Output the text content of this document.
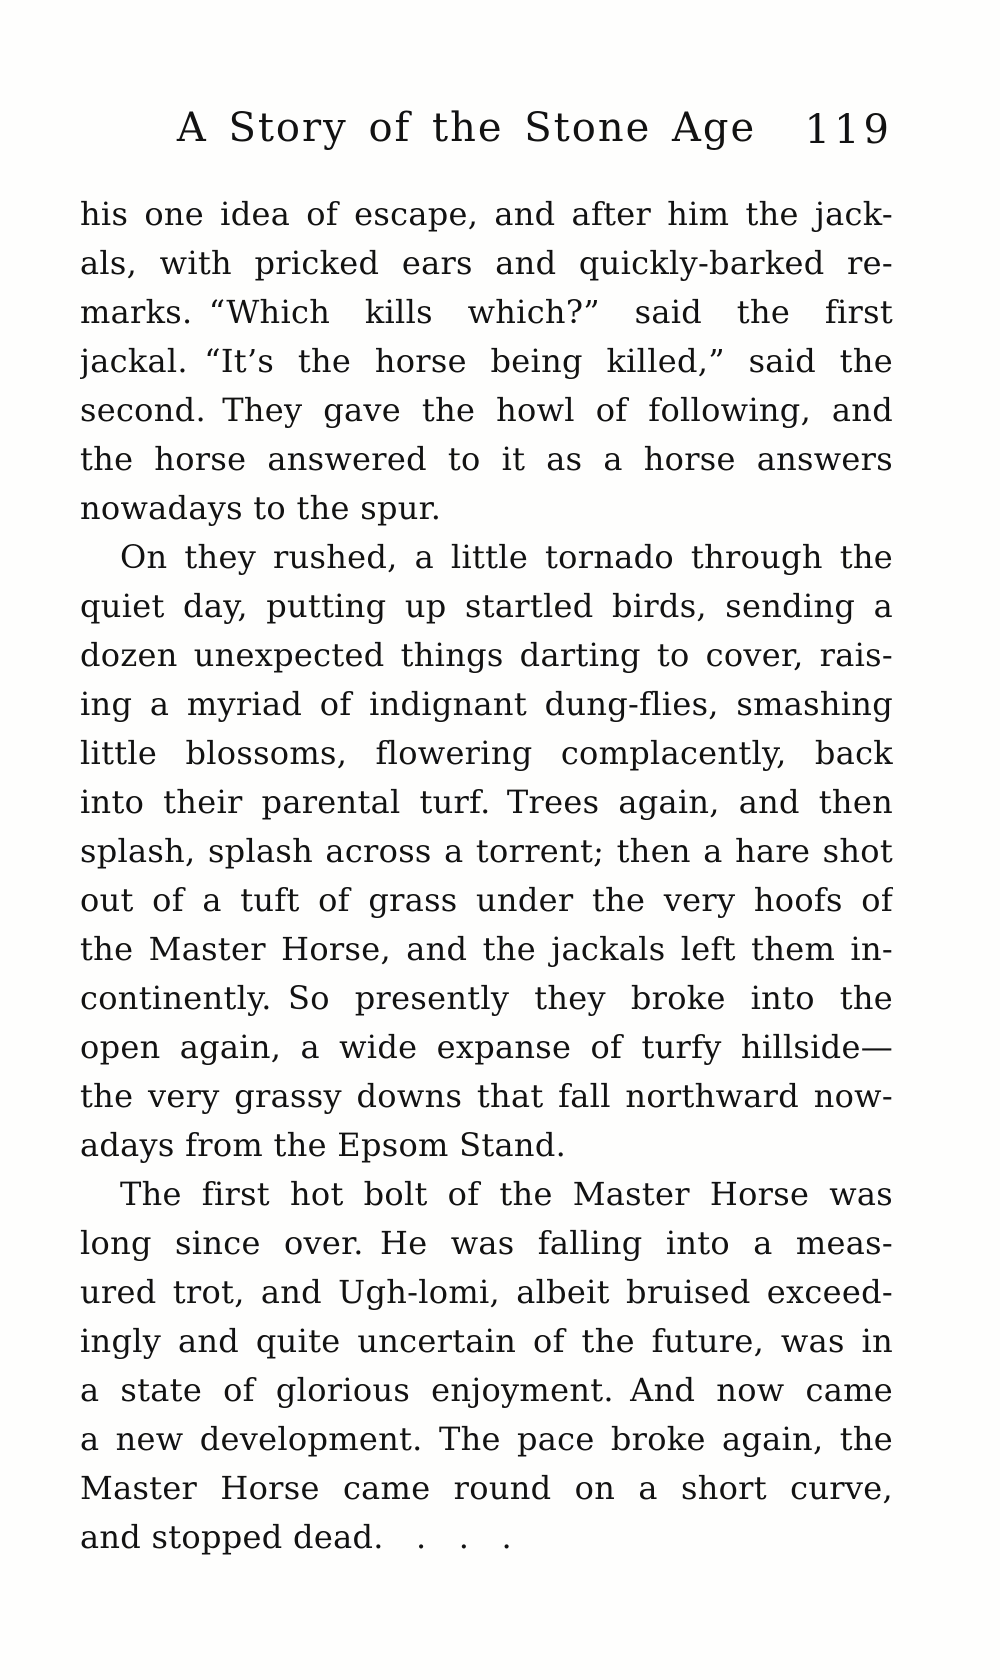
A Story of the Stone Age	119
his one idea of escape, and after him the jack-
als, with pricked ears and quickly-barked re-
marks. “Which kills which?” said the first
jackal. “It’s the horse being killed,” said the
second. They gave the howl of following, and
the horse answered to it as a horse answers
nowadays to the spur.
On they rushed, a little tornado through the
quiet day, putting up startled birds, sending a
dozen unexpected things darting to cover, rais-
ing a myriad of indignant dung-flies, smashing
little blossoms, flowering complacently, back
into their parental turf. Trees again, and then
splash, splash across a torrent; then a hare shot
out of a tuft of grass under the very hoofs of
the Master Horse, and the jackals left them in-
continently. So presently they broke into the
open again, a wide expanse of turfy hillside—
the very grassy downs that fall northward now-
adays from the Epsom Stand.
The first hot bolt of the Master Horse was
long since over. He was falling into a meas-
ured trot, and Ugh-lomi, albeit bruised exceed-
ingly and quite uncertain of the future, was in
a state of glorious enjoyment. And now came
a new development. The pace broke again, the
Master Horse came round on a short curve,
and stopped dead. . . .
